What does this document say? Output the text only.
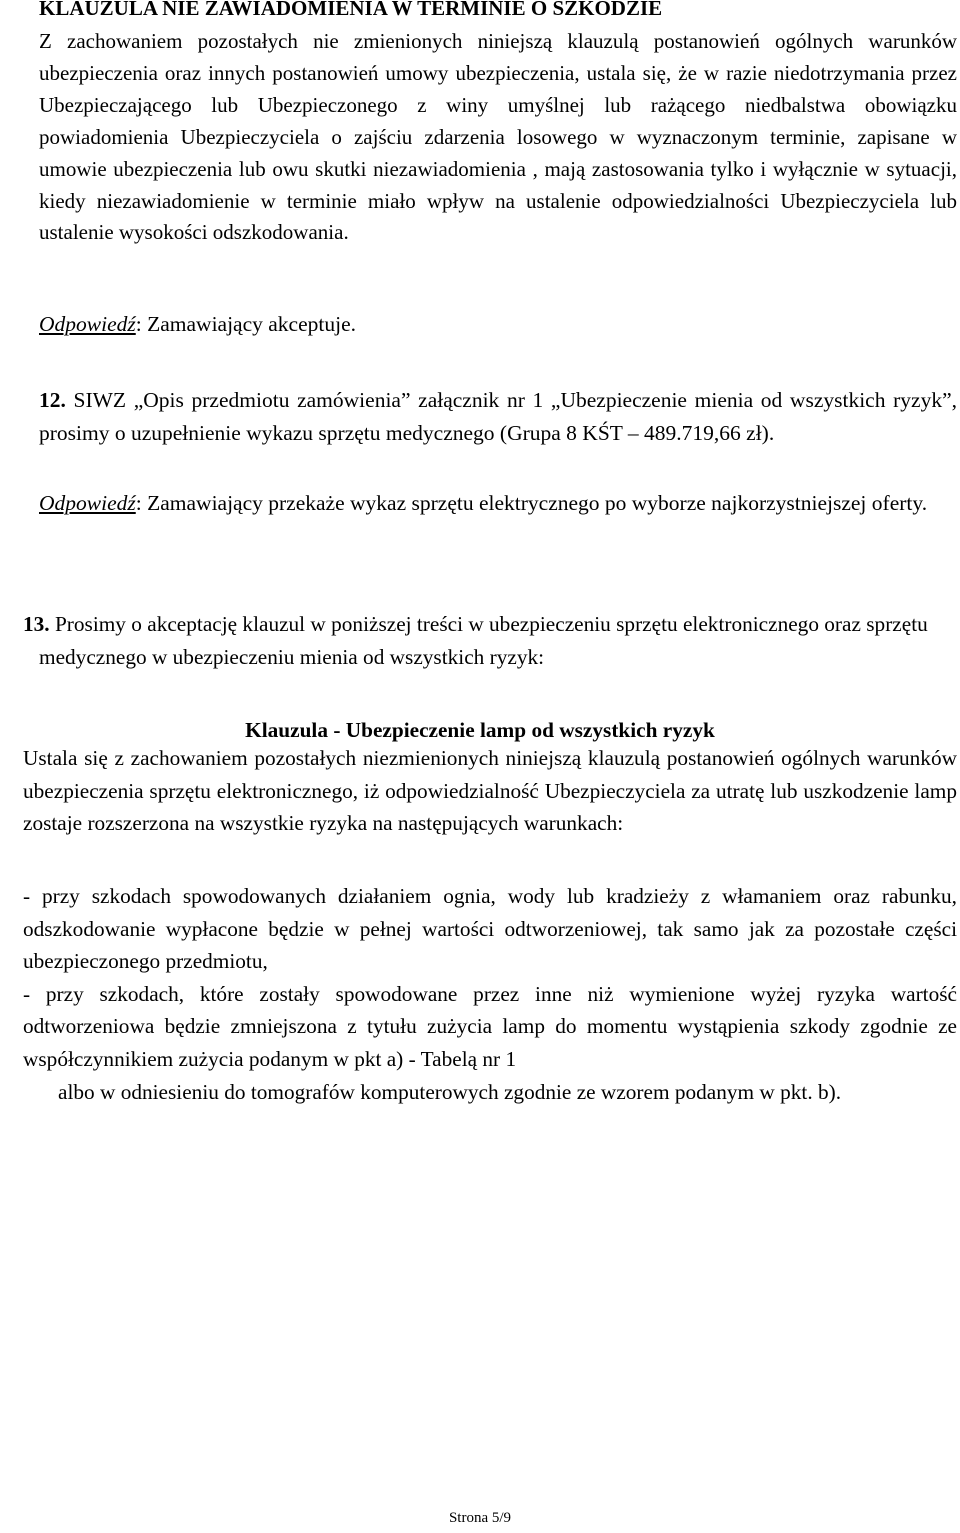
KLAUZULA NIE ZAWIADOMIENIA W TERMINIE O SZKODZIE

Z zachowaniem pozostałych nie zmienionych niniejszą klauzulą postanowień ogólnych warunków ubezpieczenia oraz innych postanowień umowy ubezpieczenia, ustala się, że w razie niedotrzymania przez Ubezpieczającego lub Ubezpieczonego z winy umyślnej lub rażącego niedbalstwa obowiązku powiadomienia Ubezpieczyciela o zajściu zdarzenia losowego w wyznaczonym terminie, zapisane w umowie ubezpieczenia lub owu skutki niezawiadomienia , mają zastosowania tylko i wyłącznie w sytuacji, kiedy niezawiadomienie w terminie miało wpływ na ustalenie odpowiedzialności Ubezpieczyciela lub ustalenie wysokości odszkodowania.

Odpowiedź: Zamawiający akceptuje.

12. SIWZ „Opis przedmiotu zamówienia” załącznik nr 1 „Ubezpieczenie mienia od wszystkich ryzyk”, prosimy o uzupełnienie wykazu sprzętu medycznego (Grupa 8 KŚT – 489.719,66 zł).

Odpowiedź: Zamawiający przekaże wykaz sprzętu elektrycznego po wyborze najkorzystniejszej oferty.

13. Prosimy o akceptację klauzul w poniższej treści w ubezpieczeniu sprzętu elektronicznego oraz sprzętu medycznego w ubezpieczeniu mienia od wszystkich ryzyk:

Klauzula - Ubezpieczenie lamp od wszystkich ryzyk

Ustala się z zachowaniem pozostałych niezmienionych niniejszą klauzulą postanowień ogólnych warunków ubezpieczenia sprzętu elektronicznego, iż odpowiedzialność Ubezpieczyciela za utratę lub uszkodzenie lamp zostaje rozszerzona na wszystkie ryzyka na następujących warunkach:

- przy szkodach spowodowanych działaniem ognia, wody lub kradzieży z włamaniem oraz rabunku, odszkodowanie wypłacone będzie w pełnej wartości odtworzeniowej, tak samo jak za pozostałe części ubezpieczonego przedmiotu,

- przy szkodach, które zostały spowodowane przez inne niż wymienione wyżej ryzyka wartość odtworzeniowa będzie zmniejszona z tytułu zużycia lamp do momentu wystąpienia szkody zgodnie ze współczynnikiem zużycia podanym w pkt a) - Tabelą nr 1

albo w odniesieniu do tomografów komputerowych zgodnie ze wzorem podanym w pkt. b).

Strona 5/9
